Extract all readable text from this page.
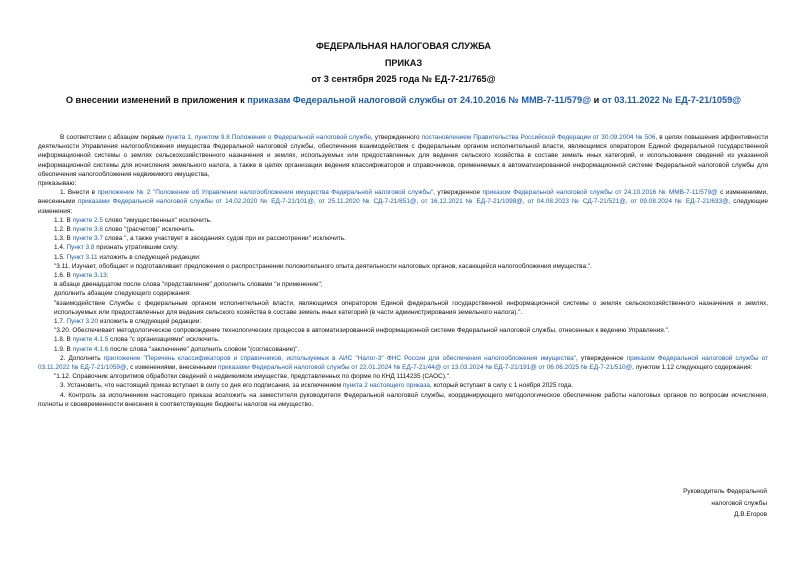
ФЕДЕРАЛЬНАЯ НАЛОГОВАЯ СЛУЖБА
ПРИКАЗ
от 3 сентября 2025 года № ЕД-7-21/765@
О внесении изменений в приложения к приказам Федеральной налоговой службы от 24.10.2016 № ММВ-7-11/579@ и от 03.11.2022 № ЕД-7-21/1059@

В соответствии с абзацем первым пункта 1, пунктом 9.8 Положения о Федеральной налоговой службе, утвержденного постановлением Правительства Российской Федерации от 30.09.2004 № 506, в целях повышения эффективности деятельности Управления налогообложения имущества Федеральной налоговой службы, обеспечения взаимодействия с федеральным органом исполнительной власти, являющимся оператором Единой федеральной государственной информационной системы о землях сельскохозяйственного назначения и землях, используемых или предоставленных для ведения сельского хозяйства в составе земель иных категорий, и использования сведений из указанной информационной системы для исчисления земельного налога, а также в целях организации ведения классификаторов и справочников, применяемых в автоматизированной информационной системе Федеральной налоговой службы для обеспечения налогообложения недвижимого имущества,

приказываю:

1. Внести в приложение № 2 "Положение об Управлении налогообложения имущества Федеральной налоговой службы", утвержденное приказом Федеральной налоговой службы от 24.10.2016 № ММВ-7-11/579@ с изменениями, внесенными приказами Федеральной налоговой службы от 14.02.2020 № ЕД-7-21/101@, от 25.11.2020 № СД-7-21/851@, от 16.12.2021 № ЕД-7-21/1098@, от 04.08.2023 № СД-7-21/521@, от 09.08.2024 № ЕД-7-21/633@, следующие изменения:

1.1. В пункте 2.5 слово "имущественных" исключить.

1.2. В пункте 3.6 слово "(расчетов)" исключить.

1.3. В пункте 3.7 слова ", а также участвует в заседаниях судов при их рассмотрении" исключить.

1.4. Пункт 3.8 признать утратившим силу.

1.5. Пункт 3.11 изложить в следующей редакции:

"3.11. Изучает, обобщает и подготавливает предложения о распространении положительного опыта деятельности налоговых органов, касающейся налогообложения имущества.".

1.6. В пункте 3.13:

в абзаце двенадцатом после слова "представление" дополнить словами "и применение";

дополнить абзацем следующего содержания:

"взаимодействие Службы с федеральным органом исполнительной власти, являющимся оператором Единой федеральной государственной информационной системы о землях сельскохозяйственного назначения и землях, используемых или предоставленных для ведения сельского хозяйства в составе земель иных категорий (в части администрирования земельного налога).".

1.7. Пункт 3.20 изложить в следующей редакции:

"3.20. Обеспечивает методологическое сопровождение технологических процессов в автоматизированной информационной системе Федеральной налоговой службы, отнесенных к ведению Управления.".

1.8. В пункте 4.1.5 слова "с организациями" исключить.

1.9. В пункте 4.1.6 после слова "заключение" дополнить словом "(согласование)".

2. Дополнить приложение "Перечень классификаторов и справочников, используемых в АИС "Налог-3" ФНС России для обеспечения налогообложения имущества", утвержденное приказом Федеральной налоговой службы от 03.11.2022 № ЕД-7-21/1059@, с изменениями, внесенными приказами Федеральной налоговой службы от 22.01.2024 № ЕД-7-21/44@ от 13.03.2024 № ЕД-7-21/191@ от 06.06.2025 № ЕД-7-21/510@, пунктом 1.12 следующего содержания:

"1.12. Справочник алгоритмов обработки сведений о недвижимом имуществе, представленных по форме по КНД 1114235 (САОС).".

3. Установить, что настоящий приказ вступает в силу со дня его подписания, за исключением пункта 2 настоящего приказа, который вступает в силу с 1 ноября 2025 года.

4. Контроль за исполнением настоящего приказа возложить на заместителя руководителя Федеральной налоговой службы, координирующего методологическое обеспечение работы налоговых органов по вопросам исчисления, полноты и своевременности внесения в соответствующие бюджеты налогов на имущество.

Руководитель Федеральной
налоговой службы
Д.В.Егоров
